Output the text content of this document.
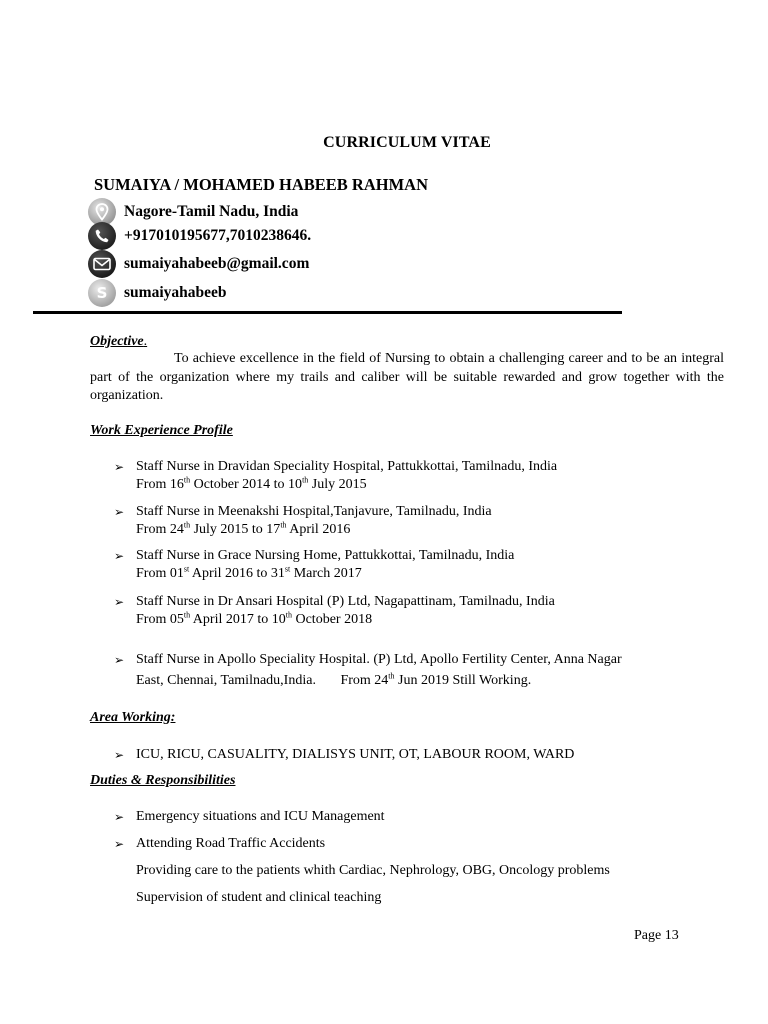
CURRICULUM VITAE
SUMAIYA / MOHAMED HABEEB RAHMAN
Nagore-Tamil Nadu, India
+917010195677,7010238646.
sumaiyahabeeb@gmail.com
S sumaiyahabeeb
Objective.
To achieve excellence in the field of Nursing to obtain a challenging career and to be an integral part of the organization where my trails and caliber will be suitable rewarded and grow together with the organization.
Work Experience Profile
➢ Staff Nurse in Dravidan Speciality Hospital, Pattukkottai, Tamilnadu, India
From 16th October 2014 to 10th July 2015
➢ Staff Nurse in Meenakshi Hospital,Tanjavure, Tamilnadu, India
From 24th July 2015 to 17th April 2016
➢ Staff Nurse in Grace Nursing Home, Pattukkottai, Tamilnadu, India
From 01st April 2016 to 31st March 2017
➢ Staff Nurse in Dr Ansari Hospital (P) Ltd, Nagapattinam, Tamilnadu, India
From 05th April 2017 to 10th October 2018
➢ Staff Nurse in Apollo Speciality Hospital. (P) Ltd, Apollo Fertility Center, Anna Nagar
East, Chennai, Tamilnadu,India.       From 24th Jun 2019 Still Working.
Area Working:
➢ ICU, RICU, CASUALITY, DIALISYS UNIT, OT, LABOUR ROOM, WARD
Duties & Responsibilities
➢ Emergency situations and ICU Management
➢ Attending Road Traffic Accidents
Providing care to the patients whith Cardiac, Nephrology, OBG, Oncology problems
Supervision of student and clinical teaching
Page 13
